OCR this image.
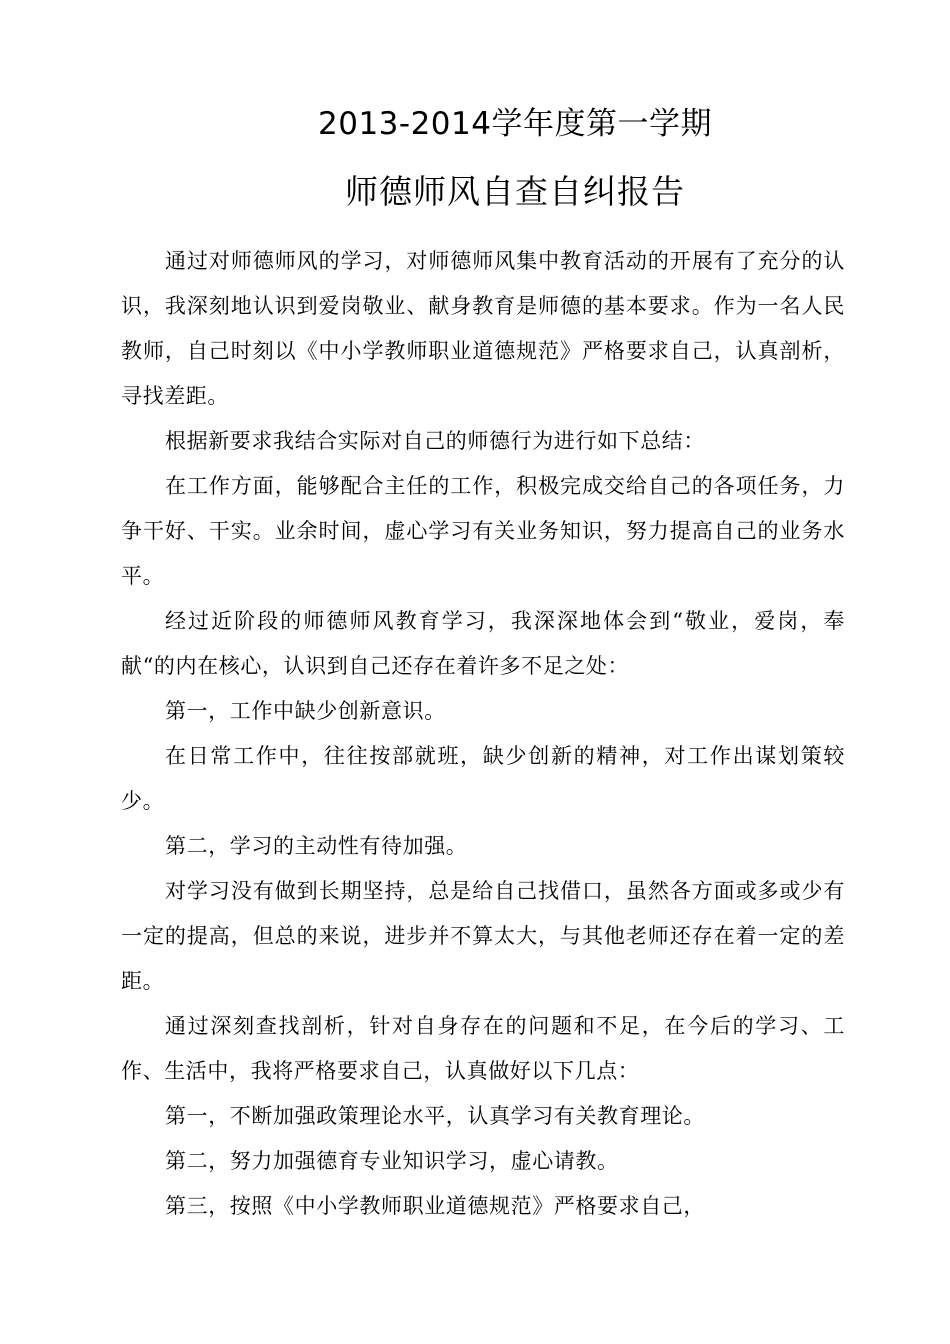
2013-2014学年度第一学期
师德师风自查自纠报告

通过对师德师风的学习，对师德师风集中教育活动的开展有了充分的认识，我深刻地认识到爱岗敬业、献身教育是师德的基本要求。作为一名人民教师，自己时刻以《中小学教师职业道德规范》严格要求自己，认真剖析，寻找差距。

根据新要求我结合实际对自己的师德行为进行如下总结：

在工作方面，能够配合主任的工作，积极完成交给自己的各项任务，力争干好、干实。业余时间，虚心学习有关业务知识，努力提高自己的业务水平。

经过近阶段的师德师风教育学习，我深深地体会到“敬业，爱岗，奉献“的内在核心，认识到自己还存在着许多不足之处：

第一，工作中缺少创新意识。

在日常工作中，往往按部就班，缺少创新的精神，对工作出谋划策较少。

第二，学习的主动性有待加强。

对学习没有做到长期坚持，总是给自己找借口，虽然各方面或多或少有一定的提高，但总的来说，进步并不算太大，与其他老师还存在着一定的差距。

通过深刻查找剖析，针对自身存在的问题和不足，在今后的学习、工作、生活中，我将严格要求自己，认真做好以下几点：

第一，不断加强政策理论水平，认真学习有关教育理论。

第二，努力加强德育专业知识学习，虚心请教。

第三，按照《中小学教师职业道德规范》严格要求自己，
